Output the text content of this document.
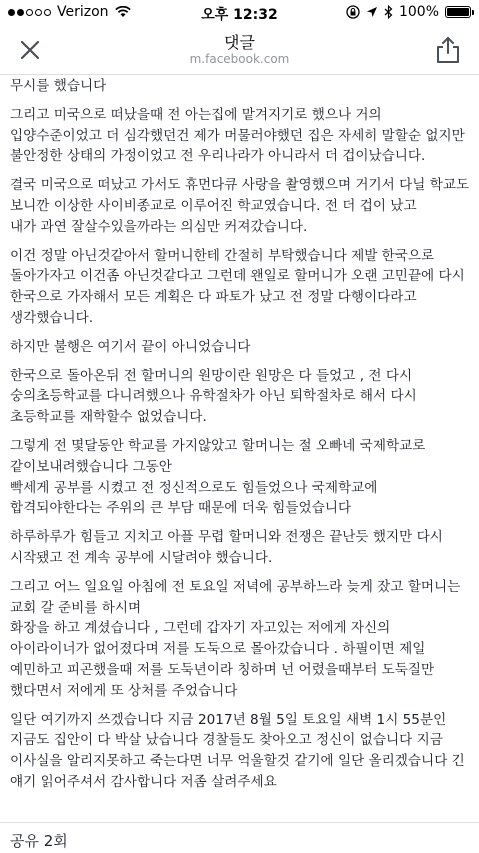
Verizon	오후 12:32	100%
댓글
m.facebook.com

무시를 했습니다

그리고 미국으로 떠났을때 전 아는집에 맡겨지기로 했으나 거의 입양수준이었고 더 심각했던건 제가 머물러야했던 집은 자세히 말할순 없지만 불안정한 상태의 가정이었고 전 우리나라가 아니라서 더 겁이났습니다.

결국 미국으로 떠났고 가서도 휴먼다큐 사랑을 촬영했으며 거기서 다닐 학교도 보니깐 이상한 사이비종교로 이루어진 학교였습니다. 전 더 겁이 났고
내가 과연 잘살수있을까라는 의심만 커져갔습니다.

이건 정말 아닌것같아서 할머니한테 간절히 부탁했습니다 제발 한국으로 돌아가자고 이건좀 아닌것같다고 그런데 왠일로 할머니가 오랜 고민끝에 다시 한국으로 가자해서 모든 계획은 다 파토가 났고 전 정말 다행이다라고 생각했습니다.

하지만 불행은 여기서 끝이 아니었습니다

한국으로 돌아온뒤 전 할머니의 원망이란 원망은 다 들었고 , 전 다시 숭의초등학교를 다니려했으나 유학절차가 아닌 퇴학절차로 해서 다시 초등학교를 재학할수 없었습니다.

그렇게 전 몇달동안 학교를 가지않았고 할머니는 절 오빠네 국제학교로 같이보내려했습니다 그동안
빡세게 공부를 시켰고 전 정신적으로도 힘들었으나 국제학교에 합격되야한다는 주위의 큰 부담 때문에 더욱 힘들었습니다

하루하루가 힘들고 지치고 아플 무렵 할머니와 전쟁은 끝난듯 했지만 다시 시작됐고 전 계속 공부에 시달려야 했습니다.

그리고 어느 일요일 아침에 전 토요일 저녁에 공부하느라 늦게 잤고 할머니는 교회 갈 준비를 하시며
화장을 하고 계셨습니다 , 그런데 갑자기 자고있는 저에게 자신의 아이라이너가 없어졌다며 저를 도둑으로 몰아갔습니다 . 하필이면 제일 예민하고 피곤했을때 저를 도둑년이라 칭하며 넌 어렸을때부터 도둑질만 했다면서 저에게 또 상처를 주었습니다

일단 여기까지 쓰겠습니다 지금 2017년 8월 5일 토요일 새벽 1시 55분인 지금도 집안이 다 박살 났습니다 경찰들도 찾아오고 정신이 없습니다 지금 이사실을 알리지못하고 죽는다면 너무 억울할것 같기에 일단 올리겠습니다 긴 얘기 읽어주셔서 감사합니다 저좀 살려주세요

공유 2회
